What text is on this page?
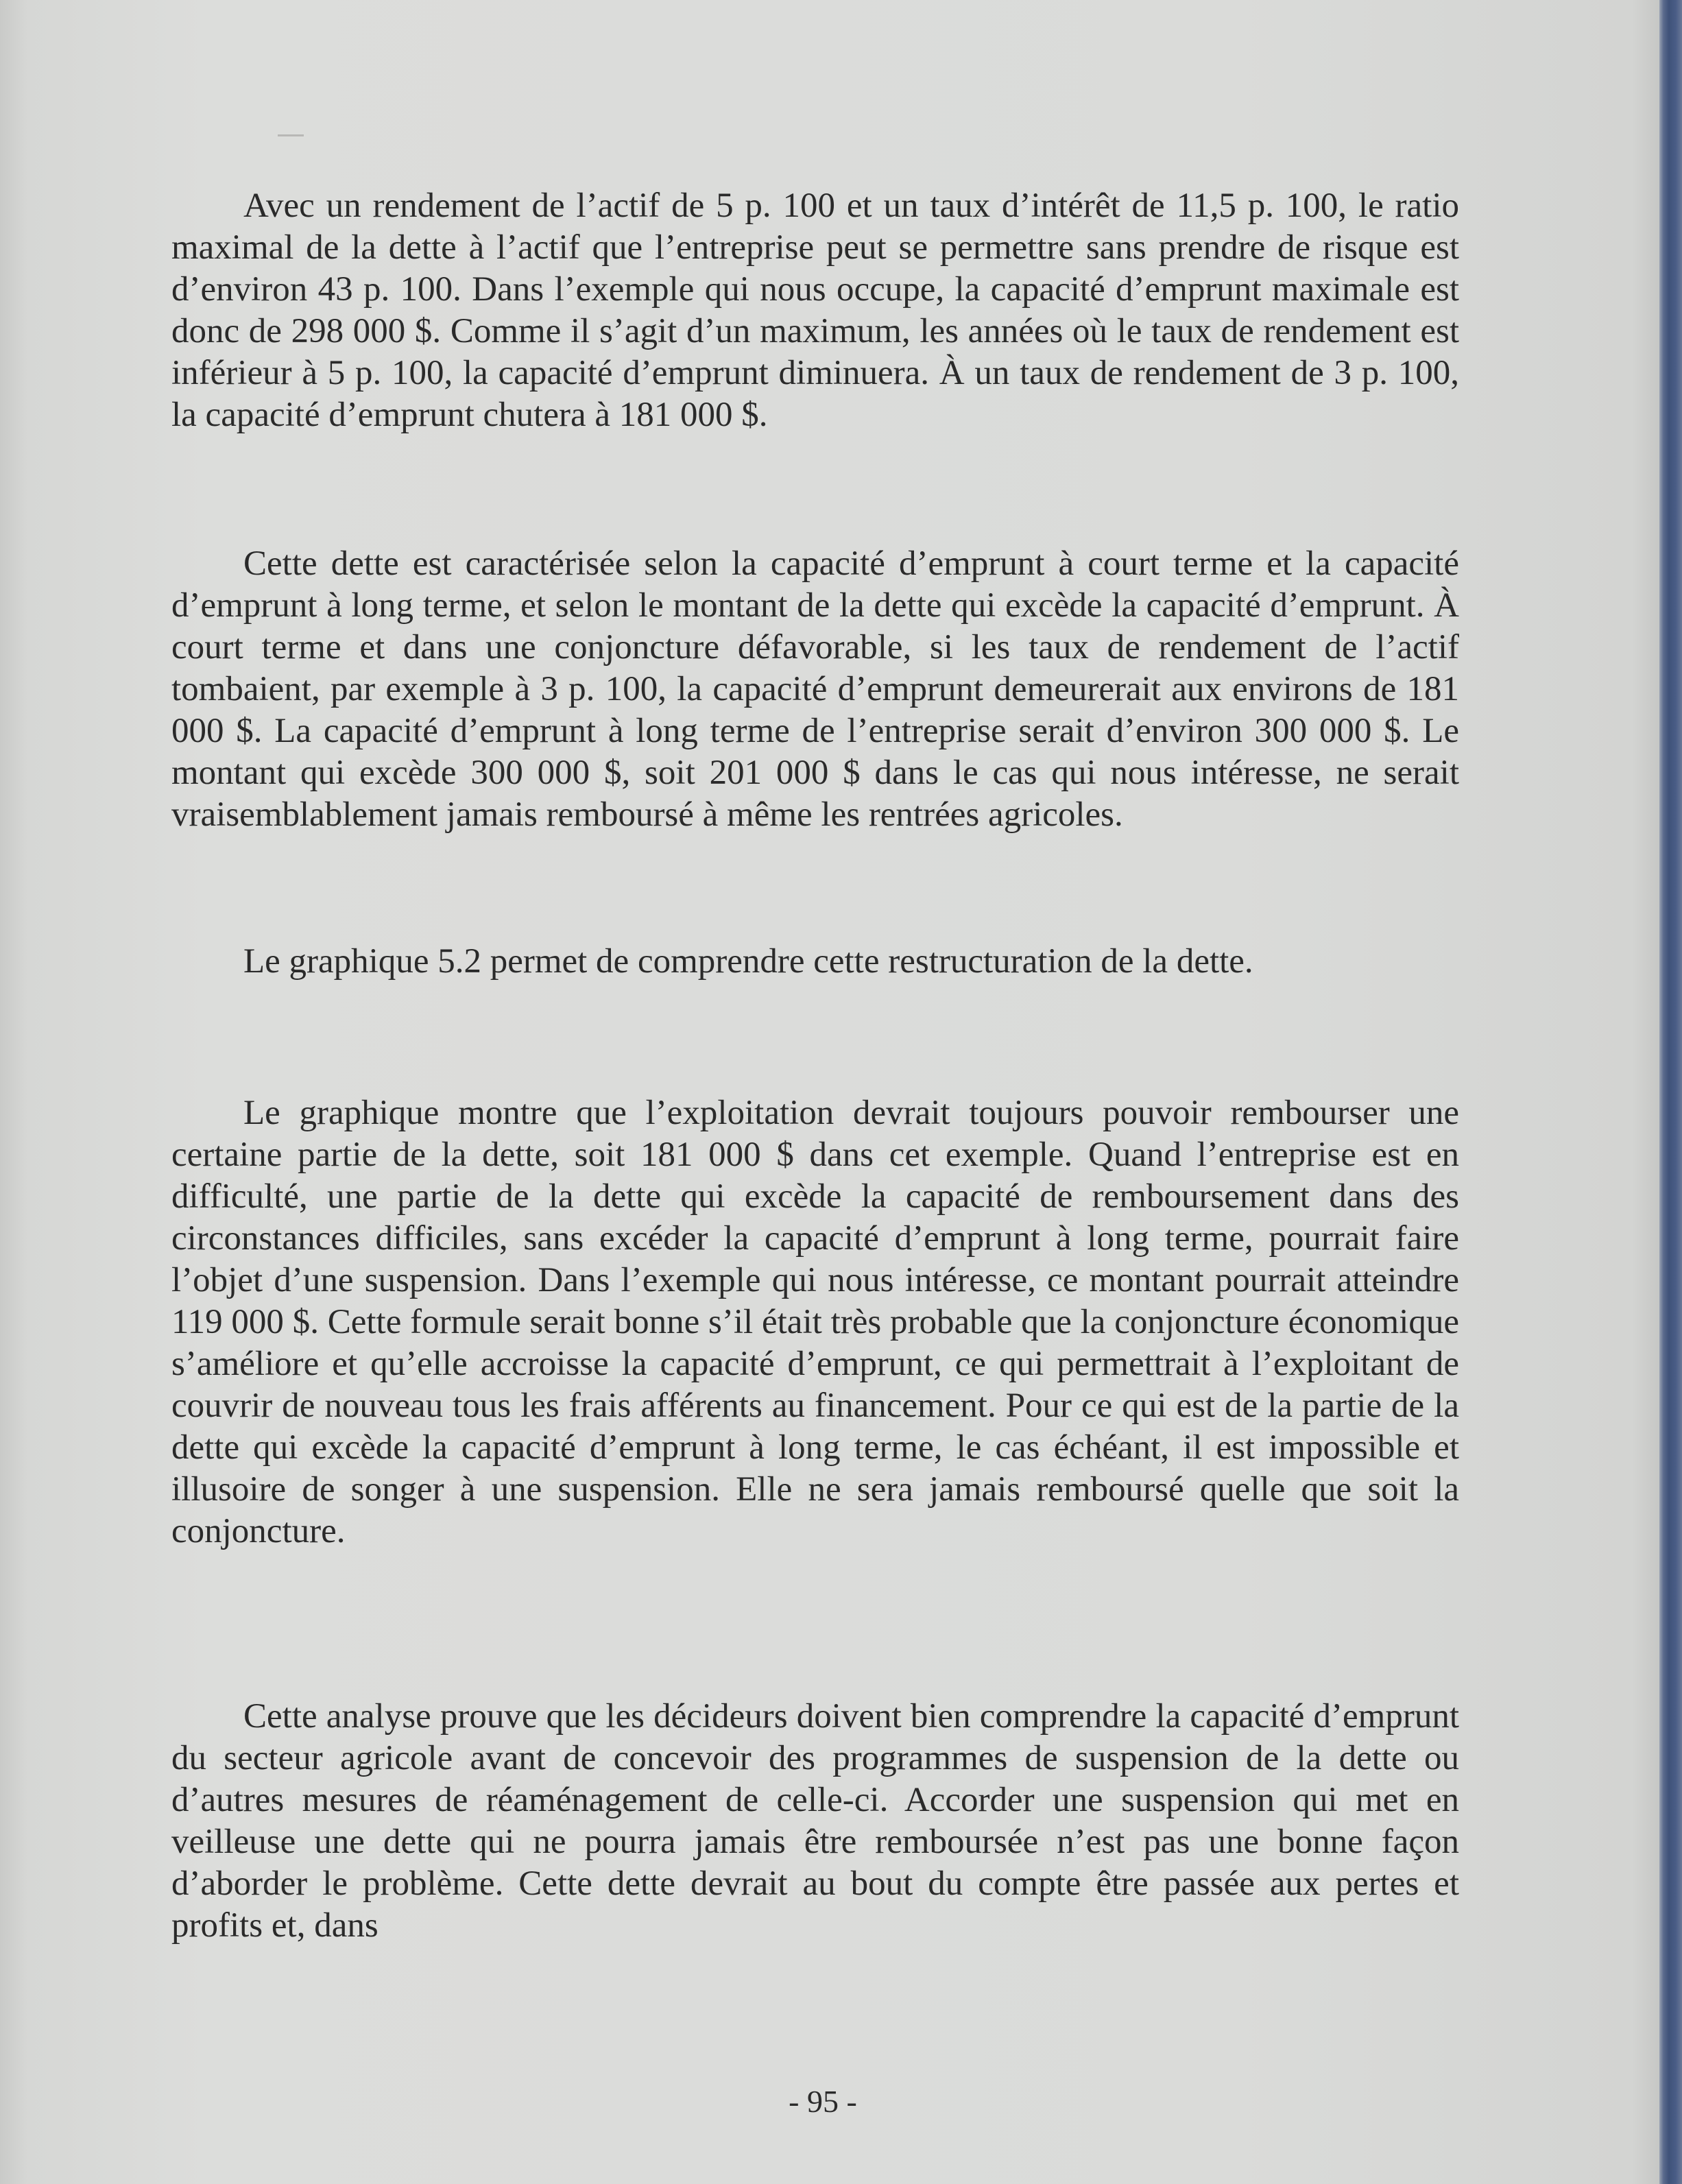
Avec un rendement de l’actif de 5 p. 100 et un taux d’intérêt de 11,5 p. 100, le ratio maximal de la dette à l’actif que l’entreprise peut se permettre sans prendre de risque est d’environ 43 p. 100. Dans l’exemple qui nous occupe, la capacité d’emprunt maximale est donc de 298 000 $. Comme il s’agit d’un maximum, les années où le taux de rendement est inférieur à 5 p. 100, la capacité d’emprunt diminuera. À un taux de rendement de 3 p. 100, la capacité d’emprunt chutera à 181 000 $.

Cette dette est caractérisée selon la capacité d’emprunt à court terme et la capacité d’emprunt à long terme, et selon le montant de la dette qui excède la capacité d’emprunt. À court terme et dans une conjoncture défavorable, si les taux de rendement de l’actif tombaient, par exemple à 3 p. 100, la capacité d’emprunt demeurerait aux environs de 181 000 $. La capacité d’emprunt à long terme de l’entreprise serait d’environ 300 000 $. Le montant qui excède 300 000 $, soit 201 000 $ dans le cas qui nous intéresse, ne serait vraisemblablement jamais remboursé à même les rentrées agricoles.

Le graphique 5.2 permet de comprendre cette restructuration de la dette.

Le graphique montre que l’exploitation devrait toujours pouvoir rembourser une certaine partie de la dette, soit 181 000 $ dans cet exemple. Quand l’entreprise est en difficulté, une partie de la dette qui excède la capacité de remboursement dans des circonstances difficiles, sans excéder la capacité d’emprunt à long terme, pourrait faire l’objet d’une suspension. Dans l’exemple qui nous intéresse, ce montant pourrait atteindre 119 000 $. Cette formule serait bonne s’il était très probable que la conjoncture économique s’améliore et qu’elle accroisse la capacité d’emprunt, ce qui permettrait à l’exploitant de couvrir de nouveau tous les frais afférents au financement. Pour ce qui est de la partie de la dette qui excède la capacité d’emprunt à long terme, le cas échéant, il est impossible et illusoire de songer à une suspension. Elle ne sera jamais remboursé quelle que soit la conjoncture.

Cette analyse prouve que les décideurs doivent bien comprendre la capacité d’emprunt du secteur agricole avant de concevoir des programmes de suspension de la dette ou d’autres mesures de réaménagement de celle-ci. Accorder une suspension qui met en veilleuse une dette qui ne pourra jamais être remboursée n’est pas une bonne façon d’aborder le problème. Cette dette devrait au bout du compte être passée aux pertes et profits et, dans

- 95 -
